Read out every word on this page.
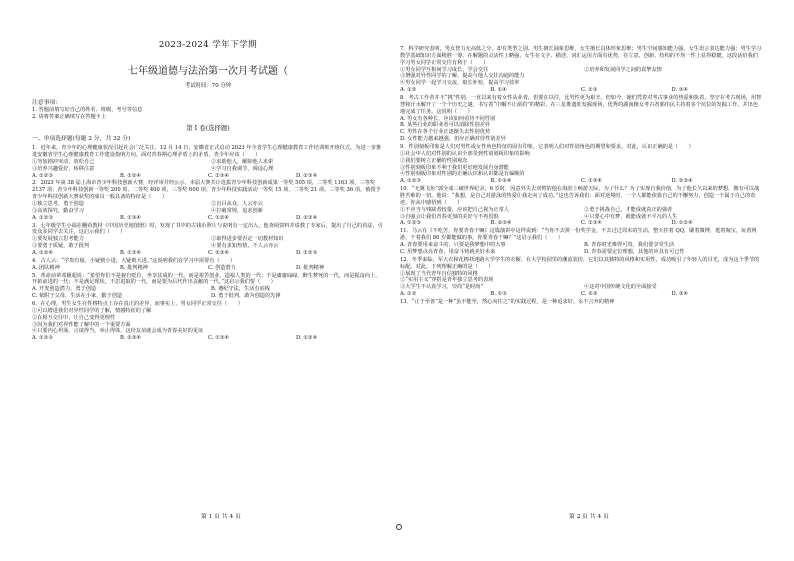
2023-2024 学年下学期
七年级道德与法治第一次月考试题（
考试时间：70 分钟
注意事项：
1. 答题前填写好自己的姓名、班级、考号等信息
2. 请将答案正确填写在答题卡上
第 I 卷(选择题)
一、单项选择题(每题 2 分，共 32 分)
1．近年来，青少年的心理健康状况引起社会广泛关注。12 月 14 日，安徽省正式启动 2023 年全省学生心理健康教育工作培训班开班仪式，为进一步推进安徽省学生心理健康教育工作建设指明方向。面对青春期心理矛盾上的矛盾，青少年应该（　　）
①勿加剧冲突动，放松自己	②求助他人，解除他人求索
③培养兴趣爱好，转移注意	④学习自我调节，调适心理
A. ①②③	B. ①②④	C. ①③④	D. ②③④
2．2023 年第 38 届上海市青少年科技创新大赛，经评审并经公示，本届大赛共计选拔青少年科技创新成果一等奖 505 项，二等奖 1163 项，三等奖 2137 项；青少年科技创新一等奖 200 项、二等奖 400 项、三等奖 600 项；青少年科技实践活动一等奖 15 项、二等奖 21 项、三等奖 36 项，被授予青少年科技创新大赛获奖的成员一般具备的特征是（　　）
①独立思考，勇于创造	②盲目从众，人云亦云
③高效探究，勤奋学习	④打破常规，追求创新
A. ①②③	B. ①③④	C. ①②④	D. ②③④
3．七年级学生小福在翻看教材《中国历史地图册》时，发现了书中的古钱币照片与说明有一定出入，他查阅资料并请教了专家后，提出了自己的看法，引发众多同学去关注，这启示我们（　　）
①要发展独立思考能力	②取得进步要否定一切教材知识
③要勇于质疑，敢于批判	④要有求知热情，不人云亦云
A. ①②④	B. ①③④	C. ②③④	D. ①②③
4．古人云：“学贵有疑，小疑则小进，大疑则大进。”这说明我们在学习中需要有（　　）
A. 团队精神	B. 批判精神	C. 创造潜力	D. 批判精神
5．革命前辈邓颖超说：“希望你们不是貌自贬位、坐享其成的一代，而是艰苦创业、造福人类的一代；不是庸庸碌碌、醉生梦死的一代，而是振奋向上、开拓前进的一代；不是满足现状，不思进取的一代，而是要为后代作出贡献的一代。”这启示我们要（　　）
A. 开发创造潜力，勇于创造	B. 遵纪守法，生活有底线
C. 依附于父母，生活在小家，勤于创造	D. 勇于批判，敢为创造的先锋
6．在心理，男生女生在性格特点上存在真正的差异，而事实上，男女同学正常交往（　　）
①可以增进我们对异性同学的了解，情感特征的了解
②在相互交往中，让自己变得更理性
③因为我们对异性能了解中的一个重要方面
④只要内心坦荡，言谈得当，举止得体，这份友谊就会成为青春美好的见证
A. ①②③	B. ②③④	C. ①③④	D. ①②④
7．科学研究表明，男女智力无高低之分，却有类型之别。男生擅长抽象思维，女生擅长具体形象思维；男生空间感知能力强，女生语言表达能力强；男生学习数学基础知识方面稍胜一筹，在解题的灵活性上略强，女生在文字、描述、词汇运用方面有优势，在立意、创新、结构的不均一性上显得稳健。这段话给我们学习男女同学正常交往有利于（　　）
①男女同学互相间学习成长，学会交往	②培养和发展同学之间的真挚友情
③增强对异性同学的了解，提高与他人交往沟通的能力
④男女同学一起学习交流，取长补短，提高学习效率
A. ①②	B. ①④	C. ②③	D. ③④
8．考古工作者并不“挑”性别，一直以来有着女性从业者，但要在以往，比男性更为艰辛。但如今，她们凭着对考古事业的热爱和执着，坚守在考古现场，用智慧和汗水解开了一个个历史之谜，书写着“巾帼不让须眉”的精彩。在三星堆遗址发掘现场，优秀的湖南籍女考古者郭伟民主持着多个坑位的发掘工作，并出色地完成了任务。这说明（　　）
A. 男女有各种长，应该如何看待不同性别
B. 某些行业的职业者可以消除性别差异
C. 男性在各个行业正逐渐失去性别优势
D. 女性能力越来越强，但应正确对待性别差异
9．性别刻板印象是人们对男性或女性角色特征的固有印象，它表明人们对性别角色的期望和要求，对此，认识正确的是（　　）
①社会中人们对性别的认识全部受到性别刻板印象的影响
②我们要树立正确的性别观念
③性别刻板印象不利于我们更好地发展自身潜能
④性别刻板印象对性别的正确认识和认识都是有偏颇的
A. ①②③	B. ①②④	C. ①③④	D. ②③④
10．“无翼飞鱼”郭全成三破世界纪录，6 岁时，因意外失去双臂的他在海滨上畅游天际，为了什么？为了实现自我价值，为了他长久以来的梦想，拥有可以战胜苦难的一切。他说：“我想，是自己对游泳的热爱让我走向了成功。”这也告诉我们：面对逆境时，一个人都能依靠自己的不懈努力，创造一个属于自己的奇迹。你从中感悟到（　　）
①不应当与残缺者较量，应该把自己视为正常人	②勇于挑战自己，才能成就真正的强者
③自强会让我们青春更加的美好与不再畏惧	④只要心中有梦，就能成就不平凡的人生
A. ①②③	B. ②③④	C. ①③④	D. ①②④
11．马云在《不吃苦，你要青春干嘛》这篇演讲中这样说到：“当你不去拼一份奖学金，不去过过周末的生活，整天挂着 QQ，刷着微博，逛着淘宝，玩着网游，干着我们 80 岁都能做的事，你要青春干嘛？”这启示我们（　　）
A. 青春要用来奋斗的，只要是我梦想中的大事	B. 青春时光难得可贵，我们要享受生活
C. 用梦想点亮青春，用奋斗铸就美好未来	D. 青春需要定位理想，其他的应具有可已性
12．冬季来临，军大衣和花棉袄迷路大学学生的衣橱，在大学校园里的潮流装扮，它们以其独特的风格和实用性，成功吸引了年轻人的目光，成为这个季节的标配。对此，下列理解正确的是（　　）
①展现了当代青年自信独特的风格
②“实用主义”穿搭是青年独立思考的表现
③大学生不认真学习，崇尚“是时尚”	④这对中国传统文化的全面接受
A. ①②	B. ①③	C. ②③	D. ③④
13．“止于至善”是一种“虽不能至，然心向往之”的实践过程，是一种追求好、永不言弃的精神
第 1 页 共 4 页	第 2 页 共 4 页
